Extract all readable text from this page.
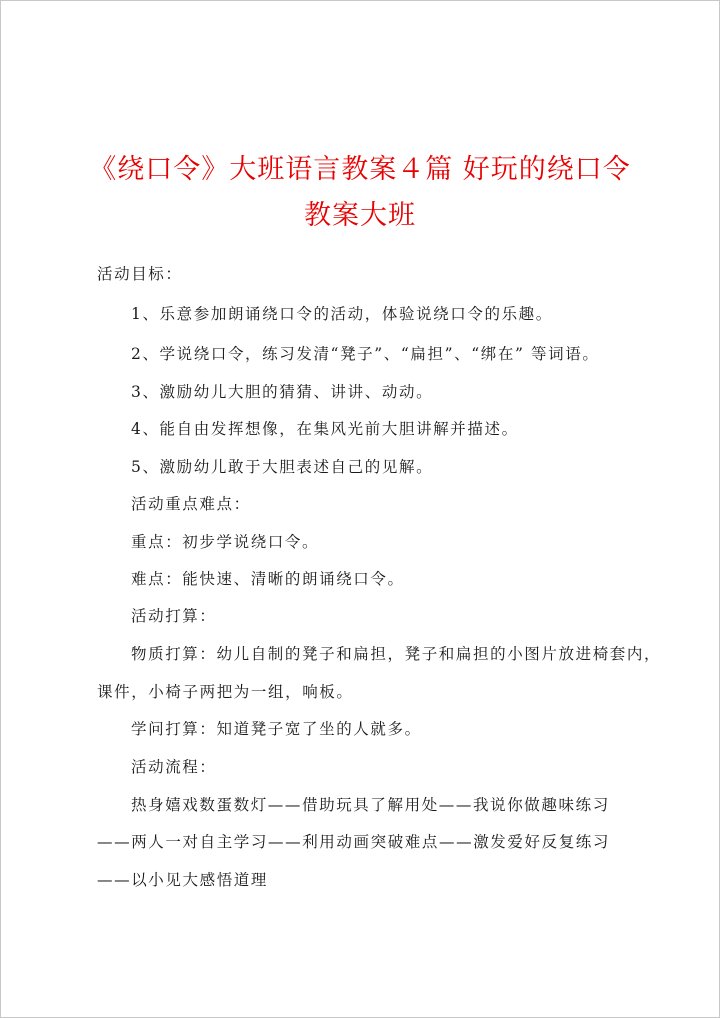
《绕口令》大班语言教案４篇 好玩的绕口令
教案大班

活动目标：

1、乐意参加朗诵绕口令的活动，体验说绕口令的乐趣。

2、学说绕口令，练习发清“凳子”、“扁担”、“绑在” 等词语。

3、激励幼儿大胆的猜猜、讲讲、动动。

4、能自由发挥想像，在集风光前大胆讲解并描述。

5、激励幼儿敢于大胆表述自己的见解。

活动重点难点：

重点：初步学说绕口令。

难点：能快速、清晰的朗诵绕口令。

活动打算：

物质打算：幼儿自制的凳子和扁担，凳子和扁担的小图片放进椅套内，

课件，小椅子两把为一组，响板。

学问打算：知道凳子宽了坐的人就多。

活动流程：

热身嬉戏数蛋数灯——借助玩具了解用处——我说你做趣味练习

——两人一对自主学习——利用动画突破难点——激发爱好反复练习

——以小见大感悟道理
